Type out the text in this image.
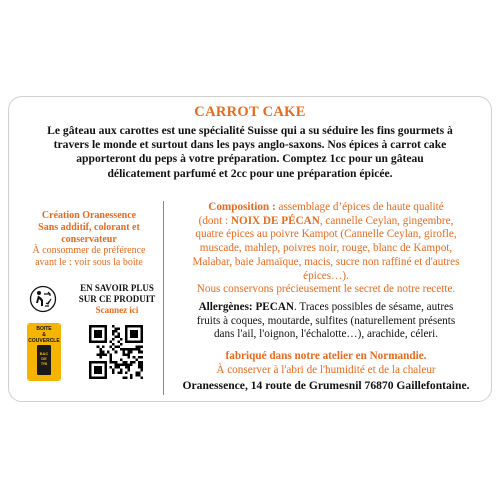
CARROT CAKE
Le gâteau aux carottes est une spécialité Suisse qui a su séduire les fins gourmets à
travers le monde et surtout dans les pays anglo-saxons. Nos épices à carrot cake
apporteront du peps à votre préparation. Comptez 1cc pour un gâteau
délicatement parfumé et 2cc pour une préparation épicée.
Création Oranessence
Sans additif, colorant et
conservateur
À consommer de préférence
avant le : voir sous la boite
EN SAVOIR PLUS
SUR CE PRODUIT
Scannez ici
BOITE
&
COUVERCLE
BAC
DE
TRI

Composition : assemblage d’épices de haute qualité

(dont : NOIX DE PÉCAN, cannelle Ceylan, gingembre,

quatre épices au poivre Kampot (Cannelle Ceylan, girofle,

muscade, mahlep, poivres noir, rouge, blanc de Kampot,

Malabar, baie Jamaïque, macis, sucre non raffiné et d'autres

épices…).

Nous conservons précieusement le secret de notre recette.

Allergènes: PECAN. Traces possibles de sésame, autres

fruits à coques, moutarde, sulfites (naturellement présents

dans l'ail, l'oignon, l'échalotte…), arachide, céleri.

fabriqué dans notre atelier en Normandie.

À conserver à l'abri de l'humidité et de la chaleur

Oranessence, 14 route de Grumesnil 76870 Gaillefontaine.
